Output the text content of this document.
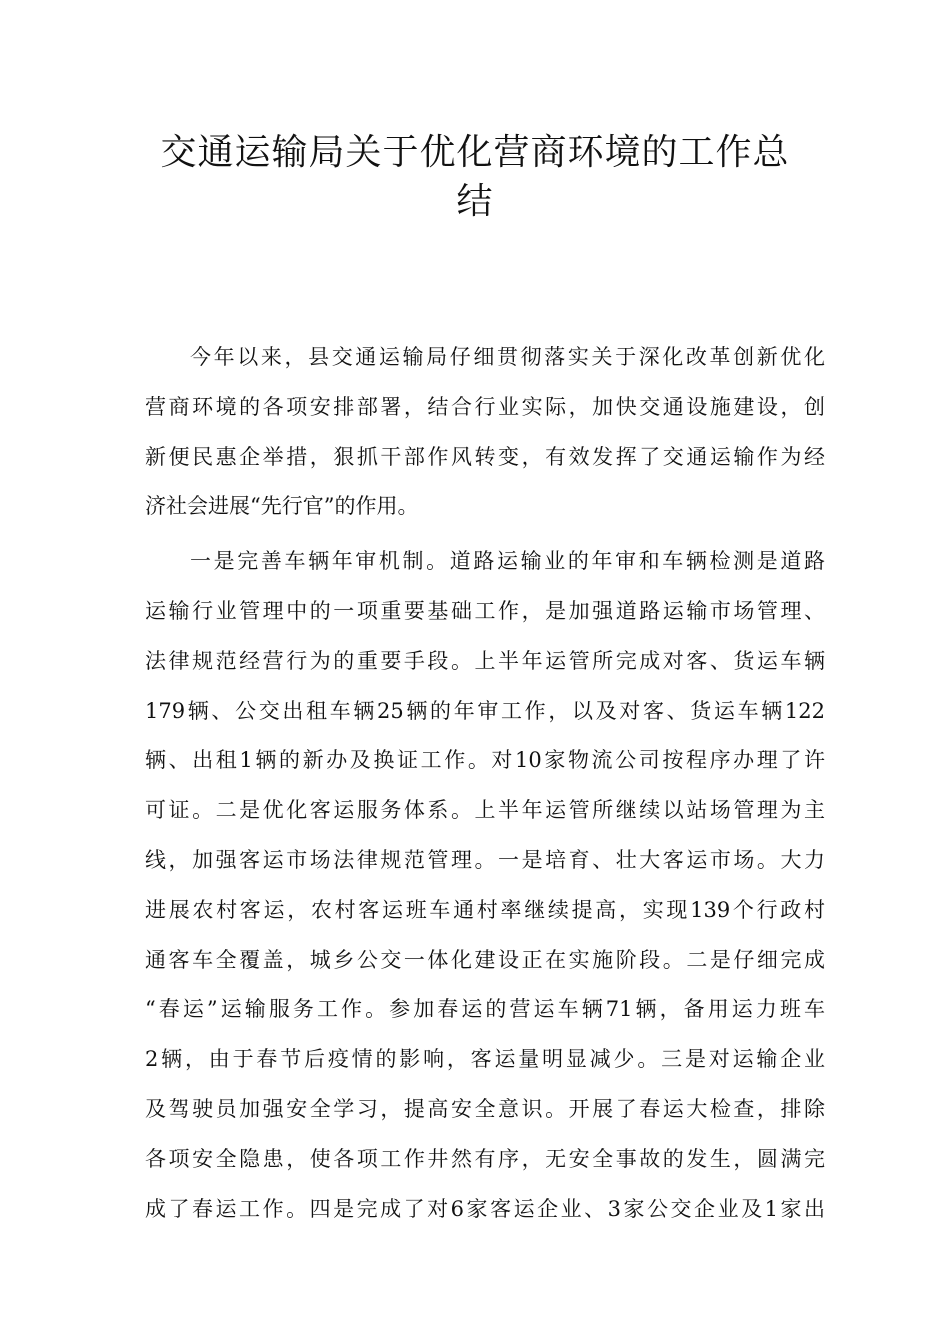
交通运输局关于优化营商环境的工作总
结
今年以来，县交通运输局仔细贯彻落实关于深化改革创新优化
营商环境的各项安排部署，结合行业实际，加快交通设施建设，创
新便民惠企举措，狠抓干部作风转变，有效发挥了交通运输作为经
济社会进展“先行官”的作用。
一是完善车辆年审机制。道路运输业的年审和车辆检测是道路
运输行业管理中的一项重要基础工作，是加强道路运输市场管理、
法律规范经营行为的重要手段。上半年运管所完成对客、货运车辆
179辆、公交出租车辆25辆的年审工作，以及对客、货运车辆122
辆、出租1辆的新办及换证工作。对10家物流公司按程序办理了许
可证。二是优化客运服务体系。上半年运管所继续以站场管理为主
线，加强客运市场法律规范管理。一是培育、壮大客运市场。大力
进展农村客运，农村客运班车通村率继续提高，实现139个行政村
通客车全覆盖，城乡公交一体化建设正在实施阶段。二是仔细完成
“春运”运输服务工作。参加春运的营运车辆71辆，备用运力班车
2辆，由于春节后疫情的影响，客运量明显减少。三是对运输企业
及驾驶员加强安全学习，提高安全意识。开展了春运大检查，排除
各项安全隐患，使各项工作井然有序，无安全事故的发生，圆满完
成了春运工作。四是完成了对6家客运企业、3家公交企业及1家出
